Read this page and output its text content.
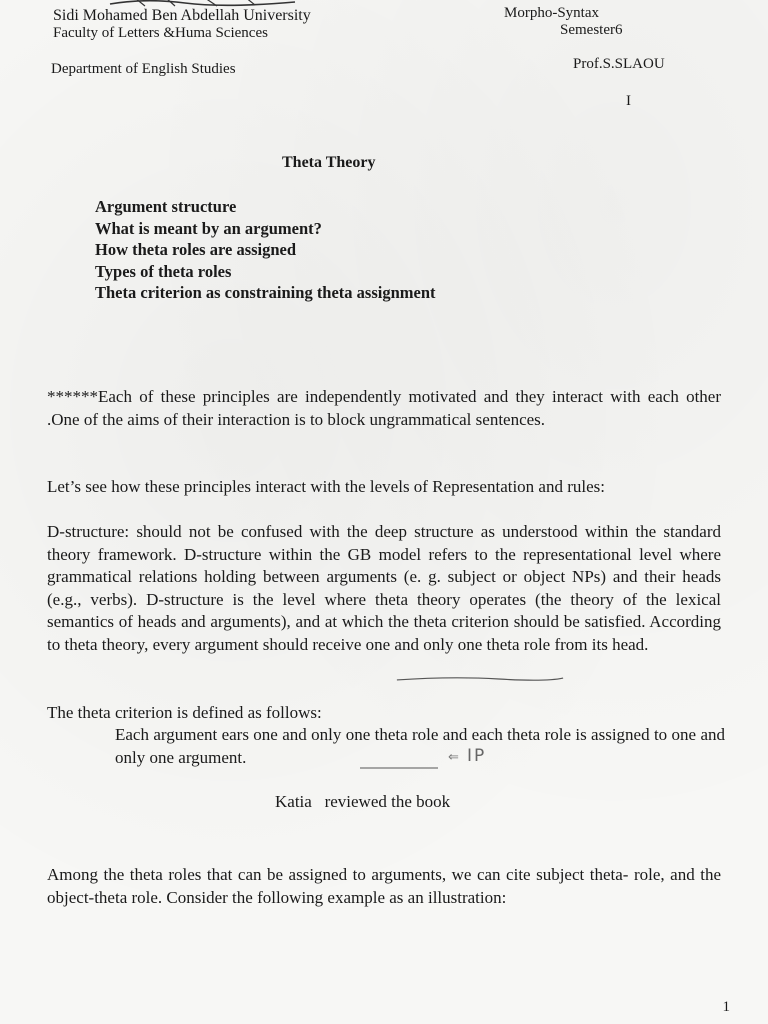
Sidi Mohamed Ben Abdellah University
Faculty of Letters &Huma Sciences
Department of English Studies
Morpho-Syntax
Semester6
Prof.S.SLAOU
I
Theta Theory
Argument structure
What is meant by an argument?
How theta roles are assigned
Types of theta roles
Theta criterion as constraining theta assignment
******Each of these principles are independently motivated and they interact with each other .One of the aims of their interaction is to block ungrammatical sentences.
Let’s see how these principles interact with the levels of Representation and rules:
D-structure: should not be confused with the deep structure as understood within the standard theory framework. D-structure within the GB model refers to the representational level where grammatical relations holding between arguments (e. g. subject or object NPs) and their heads (e.g., verbs). D-structure is the level where theta theory operates (the theory of the lexical semantics of heads and arguments), and at which the theta criterion should be satisfied. According to theta theory, every argument should receive one and only one theta role from its head.
The theta criterion is defined as follows:
Each argument ears one and only one theta role and each theta role is assigned to one and only one argument.	⇐ IP
Katia   reviewed the book
Among the theta roles that can be assigned to arguments, we can cite subject theta- role, and the object-theta role. Consider the following example as an illustration:
1
